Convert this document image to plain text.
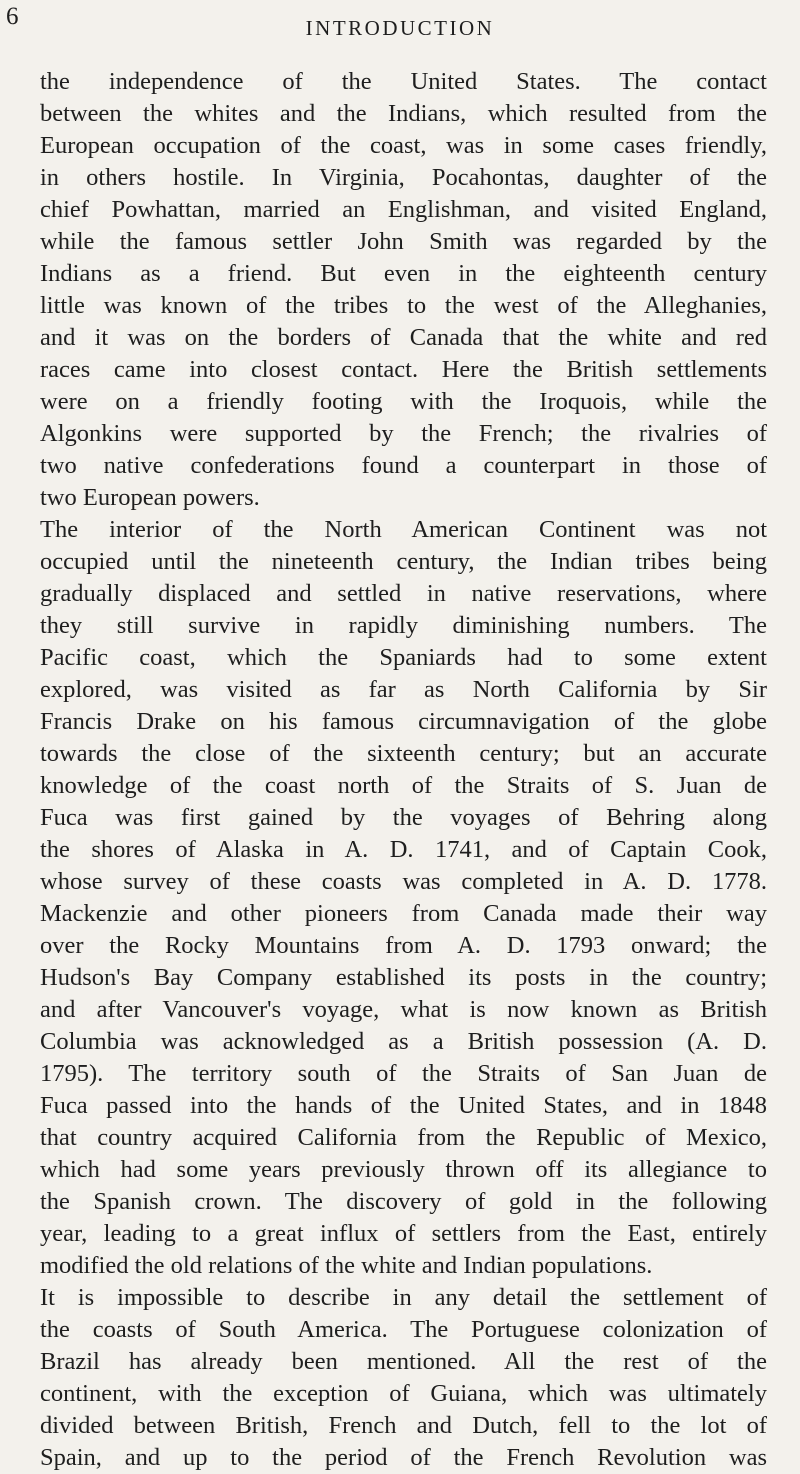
6	INTRODUCTION
the independence of the United States. The contact
between the whites and the Indians, which resulted from the
European occupation of the coast, was in some cases friendly,
in others hostile. In Virginia, Pocahontas, daughter of the
chief Powhattan, married an Englishman, and visited England,
while the famous settler John Smith was regarded by the
Indians as a friend. But even in the eighteenth century
little was known of the tribes to the west of the Alleghanies,
and it was on the borders of Canada that the white and red
races came into closest contact. Here the British settlements
were on a friendly footing with the Iroquois, while the
Algonkins were supported by the French; the rivalries of
two native confederations found a counterpart in those of
two European powers.
The interior of the North American Continent was not
occupied until the nineteenth century, the Indian tribes being
gradually displaced and settled in native reservations, where
they still survive in rapidly diminishing numbers. The
Pacific coast, which the Spaniards had to some extent
explored, was visited as far as North California by Sir
Francis Drake on his famous circumnavigation of the globe
towards the close of the sixteenth century; but an accurate
knowledge of the coast north of the Straits of S. Juan de
Fuca was first gained by the voyages of Behring along
the shores of Alaska in A. D. 1741, and of Captain Cook,
whose survey of these coasts was completed in A. D. 1778.
Mackenzie and other pioneers from Canada made their way
over the Rocky Mountains from A. D. 1793 onward; the
Hudson's Bay Company established its posts in the country;
and after Vancouver's voyage, what is now known as British
Columbia was acknowledged as a British possession (A. D.
1795). The territory south of the Straits of San Juan de
Fuca passed into the hands of the United States, and in 1848
that country acquired California from the Republic of Mexico,
which had some years previously thrown off its allegiance to
the Spanish crown. The discovery of gold in the following
year, leading to a great influx of settlers from the East, entirely
modified the old relations of the white and Indian populations.
It is impossible to describe in any detail the settlement of
the coasts of South America. The Portuguese colonization of
Brazil has already been mentioned. All the rest of the
continent, with the exception of Guiana, which was ultimately
divided between British, French and Dutch, fell to the lot of
Spain, and up to the period of the French Revolution was
